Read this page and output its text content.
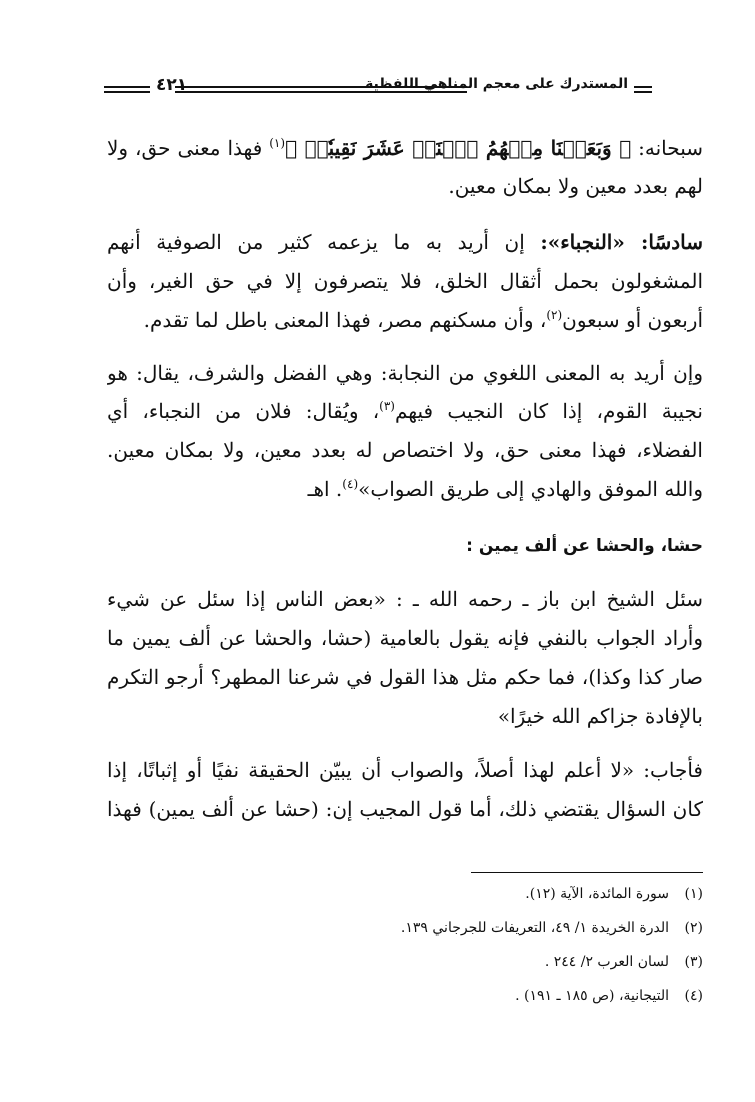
المستدرك على معجم المناهي اللفظية
٤٢١
سبحانه: ﴿ وَبَعَثۡنَا مِنۡهُمُ ٱثۡنَيۡ عَشَرَ نَقِيبٗاۖ ﴾$^{(١)}$ فهذا معنى حق، ولا
لهم بعدد معين ولا بمكان معين.
سادسًا: «النجباء»: إن أريد به ما يزعمه كثير من الصوفية أنهم
المشغولون بحمل أثقال الخلق، فلا يتصرفون إلا في حق الغير، وأن
أربعون أو سبعون$^{(٢)}$، وأن مسكنهم مصر، فهذا المعنى باطل لما تقدم.
وإن أريد به المعنى اللغوي من النجابة: وهي الفضل والشرف، يقال: هو
نجيبة القوم، إذا كان النجيب فيهم$^{(٣)}$، ويُقال: فلان من النجباء، أي
الفضلاء، فهذا معنى حق، ولا اختصاص له بعدد معين، ولا بمكان معين.
والله الموفق والهادي إلى طريق الصواب»$^{(٤)}$. اهـ
حشا، والحشا عن ألف يمين :
سئل الشيخ ابن باز ـ رحمه الله ـ : «بعض الناس إذا سئل عن شيء
وأراد الجواب بالنفي فإنه يقول بالعامية (حشا، والحشا عن ألف يمين ما
صار كذا وكذا)، فما حكم مثل هذا القول في شرعنا المطهر؟ أرجو التكرم
بالإفادة جزاكم الله خيرًا»
فأجاب: «لا أعلم لهذا أصلاً، والصواب أن يبيّن الحقيقة نفيًا أو إثباتًا، إذا
كان السؤال يقتضي ذلك، أما قول المجيب إن: (حشا عن ألف يمين) فهذا
(١)سورة المائدة، الآية (١٢).
(٢)الدرة الخريدة ١/ ٤٩، التعريفات للجرجاني ١٣٩.
(٣)لسان العرب ٢/ ٢٤٤ .
(٤)التيجانية، (ص ١٨٥ ـ ١٩١) .
